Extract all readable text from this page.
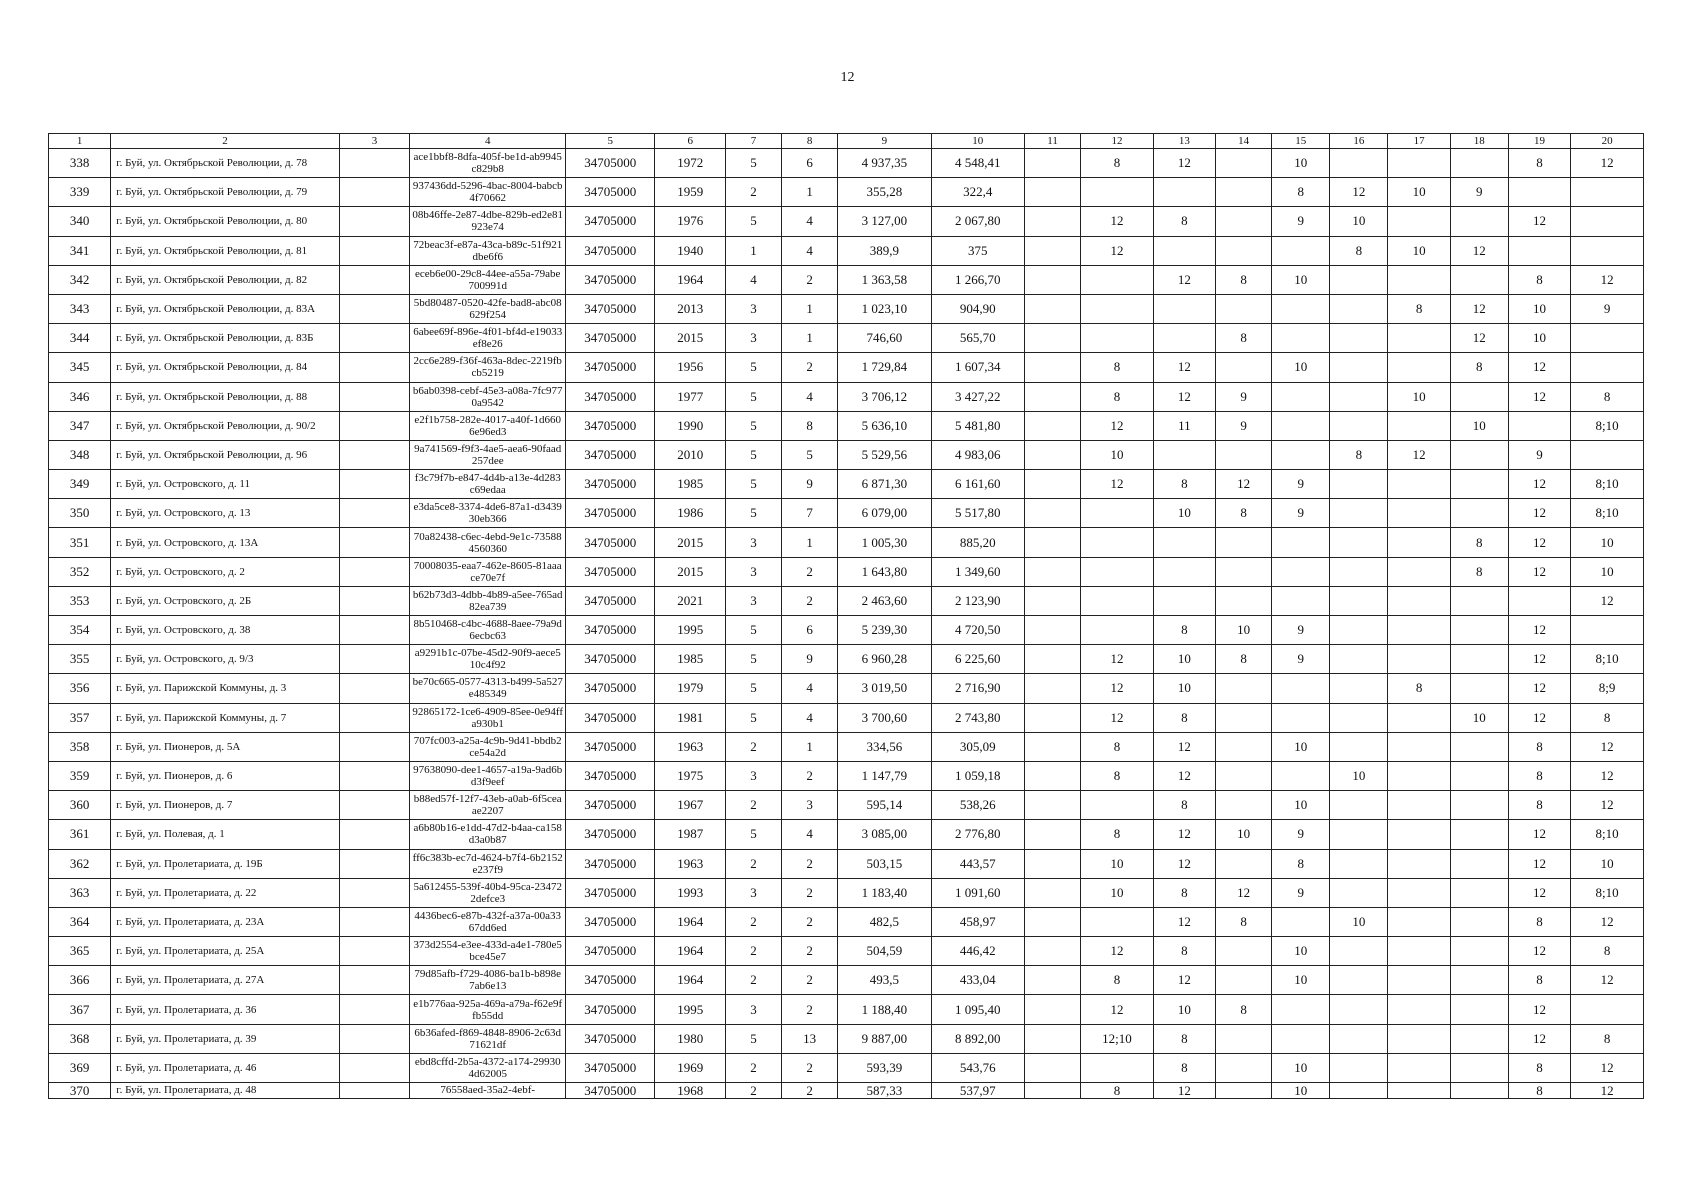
12
1	2	3	4	5	6	7	8	9	10	11	12	13	14	15	16	17	18	19	20
338	г. Буй, ул. Октябрьской Революции, д. 78		ace1bbf8-8dfa-405f-be1d-ab9945c829b8	34705000	1972	5	6	4 937,35	4 548,41		8	12		10				8	12
339	г. Буй, ул. Октябрьской Революции, д. 79		937436dd-5296-4bac-8004-babcb4f70662	34705000	1959	2	1	355,28	322,4					8	12	10	9		
340	г. Буй, ул. Октябрьской Революции, д. 80		08b46ffe-2e87-4dbe-829b-ed2e81923e74	34705000	1976	5	4	3 127,00	2 067,80		12	8		9	10			12	
341	г. Буй, ул. Октябрьской Революции, д. 81		72beac3f-e87a-43ca-b89c-51f921dbe6f6	34705000	1940	1	4	389,9	375		12				8	10	12		
342	г. Буй, ул. Октябрьской Революции, д. 82		eceb6e00-29c8-44ee-a55a-79abe700991d	34705000	1964	4	2	1 363,58	1 266,70			12	8	10				8	12
343	г. Буй, ул. Октябрьской Революции, д. 83А		5bd80487-0520-42fe-bad8-abc08629f254	34705000	2013	3	1	1 023,10	904,90							8	12	10	9
344	г. Буй, ул. Октябрьской Революции, д. 83Б		6abee69f-896e-4f01-bf4d-e19033ef8e26	34705000	2015	3	1	746,60	565,70				8				12	10	
345	г. Буй, ул. Октябрьской Революции, д. 84		2cc6e289-f36f-463a-8dec-2219fbcb5219	34705000	1956	5	2	1 729,84	1 607,34		8	12		10			8	12	
346	г. Буй, ул. Октябрьской Революции, д. 88		b6ab0398-cebf-45e3-a08a-7fc9770a9542	34705000	1977	5	4	3 706,12	3 427,22		8	12	9			10		12	8
347	г. Буй, ул. Октябрьской Революции, д. 90/2		e2f1b758-282e-4017-a40f-1d6606e96ed3	34705000	1990	5	8	5 636,10	5 481,80		12	11	9				10		8;10
348	г. Буй, ул. Октябрьской Революции, д. 96		9a741569-f9f3-4ae5-aea6-90faad257dee	34705000	2010	5	5	5 529,56	4 983,06		10				8	12		9	
349	г. Буй, ул. Островского, д. 11		f3c79f7b-e847-4d4b-a13e-4d283c69edaa	34705000	1985	5	9	6 871,30	6 161,60		12	8	12	9				12	8;10
350	г. Буй, ул. Островского, д. 13		e3da5ce8-3374-4de6-87a1-d343930eb366	34705000	1986	5	7	6 079,00	5 517,80			10	8	9				12	8;10
351	г. Буй, ул. Островского, д. 13А		70a82438-c6ec-4ebd-9e1c-735884560360	34705000	2015	3	1	1 005,30	885,20								8	12	10
352	г. Буй, ул. Островского, д. 2		70008035-eaa7-462e-8605-81aaace70e7f	34705000	2015	3	2	1 643,80	1 349,60								8	12	10
353	г. Буй, ул. Островского, д. 2Б		b62b73d3-4dbb-4b89-a5ee-765ad82ea739	34705000	2021	3	2	2 463,60	2 123,90										12
354	г. Буй, ул. Островского, д. 38		8b510468-c4bc-4688-8aee-79a9d6ecbc63	34705000	1995	5	6	5 239,30	4 720,50			8	10	9				12	
355	г. Буй, ул. Островского, д. 9/3		a9291b1c-07be-45d2-90f9-aece510c4f92	34705000	1985	5	9	6 960,28	6 225,60		12	10	8	9				12	8;10
356	г. Буй, ул. Парижской Коммуны, д. 3		be70c665-0577-4313-b499-5a527e485349	34705000	1979	5	4	3 019,50	2 716,90		12	10				8		12	8;9
357	г. Буй, ул. Парижской Коммуны, д. 7		92865172-1ce6-4909-85ee-0e94ffa930b1	34705000	1981	5	4	3 700,60	2 743,80		12	8					10	12	8
358	г. Буй, ул. Пионеров, д. 5А		707fc003-a25a-4c9b-9d41-bbdb2ce54a2d	34705000	1963	2	1	334,56	305,09		8	12		10				8	12
359	г. Буй, ул. Пионеров, д. 6		97638090-dee1-4657-a19a-9ad6bd3f9eef	34705000	1975	3	2	1 147,79	1 059,18		8	12			10			8	12
360	г. Буй, ул. Пионеров, д. 7		b88ed57f-12f7-43eb-a0ab-6f5ceaae2207	34705000	1967	2	3	595,14	538,26			8		10				8	12
361	г. Буй, ул. Полевая, д. 1		a6b80b16-e1dd-47d2-b4aa-ca158d3a0b87	34705000	1987	5	4	3 085,00	2 776,80		8	12	10	9				12	8;10
362	г. Буй, ул. Пролетариата, д. 19Б		ff6c383b-ec7d-4624-b7f4-6b2152e237f9	34705000	1963	2	2	503,15	443,57		10	12		8				12	10
363	г. Буй, ул. Пролетариата, д. 22		5a612455-539f-40b4-95ca-234722defce3	34705000	1993	3	2	1 183,40	1 091,60		10	8	12	9				12	8;10
364	г. Буй, ул. Пролетариата, д. 23А		4436bec6-e87b-432f-a37a-00a3367dd6ed	34705000	1964	2	2	482,5	458,97			12	8		10			8	12
365	г. Буй, ул. Пролетариата, д. 25А		373d2554-e3ee-433d-a4e1-780e5bce45e7	34705000	1964	2	2	504,59	446,42		12	8		10				12	8
366	г. Буй, ул. Пролетариата, д. 27А		79d85afb-f729-4086-ba1b-b898e7ab6e13	34705000	1964	2	2	493,5	433,04		8	12		10				8	12
367	г. Буй, ул. Пролетариата, д. 36		e1b776aa-925a-469a-a79a-f62e9ffb55dd	34705000	1995	3	2	1 188,40	1 095,40		12	10	8					12	
368	г. Буй, ул. Пролетариата, д. 39		6b36afed-f869-4848-8906-2c63d71621df	34705000	1980	5	13	9 887,00	8 892,00		12;10	8						12	8
369	г. Буй, ул. Пролетариата, д. 46		ebd8cffd-2b5a-4372-a174-299304d62005	34705000	1969	2	2	593,39	543,76			8		10				8	12
370	г. Буй, ул. Пролетариата, д. 48		76558aed-35a2-4ebf-	34705000	1968	2	2	587,33	537,97		8	12		10				8	12
